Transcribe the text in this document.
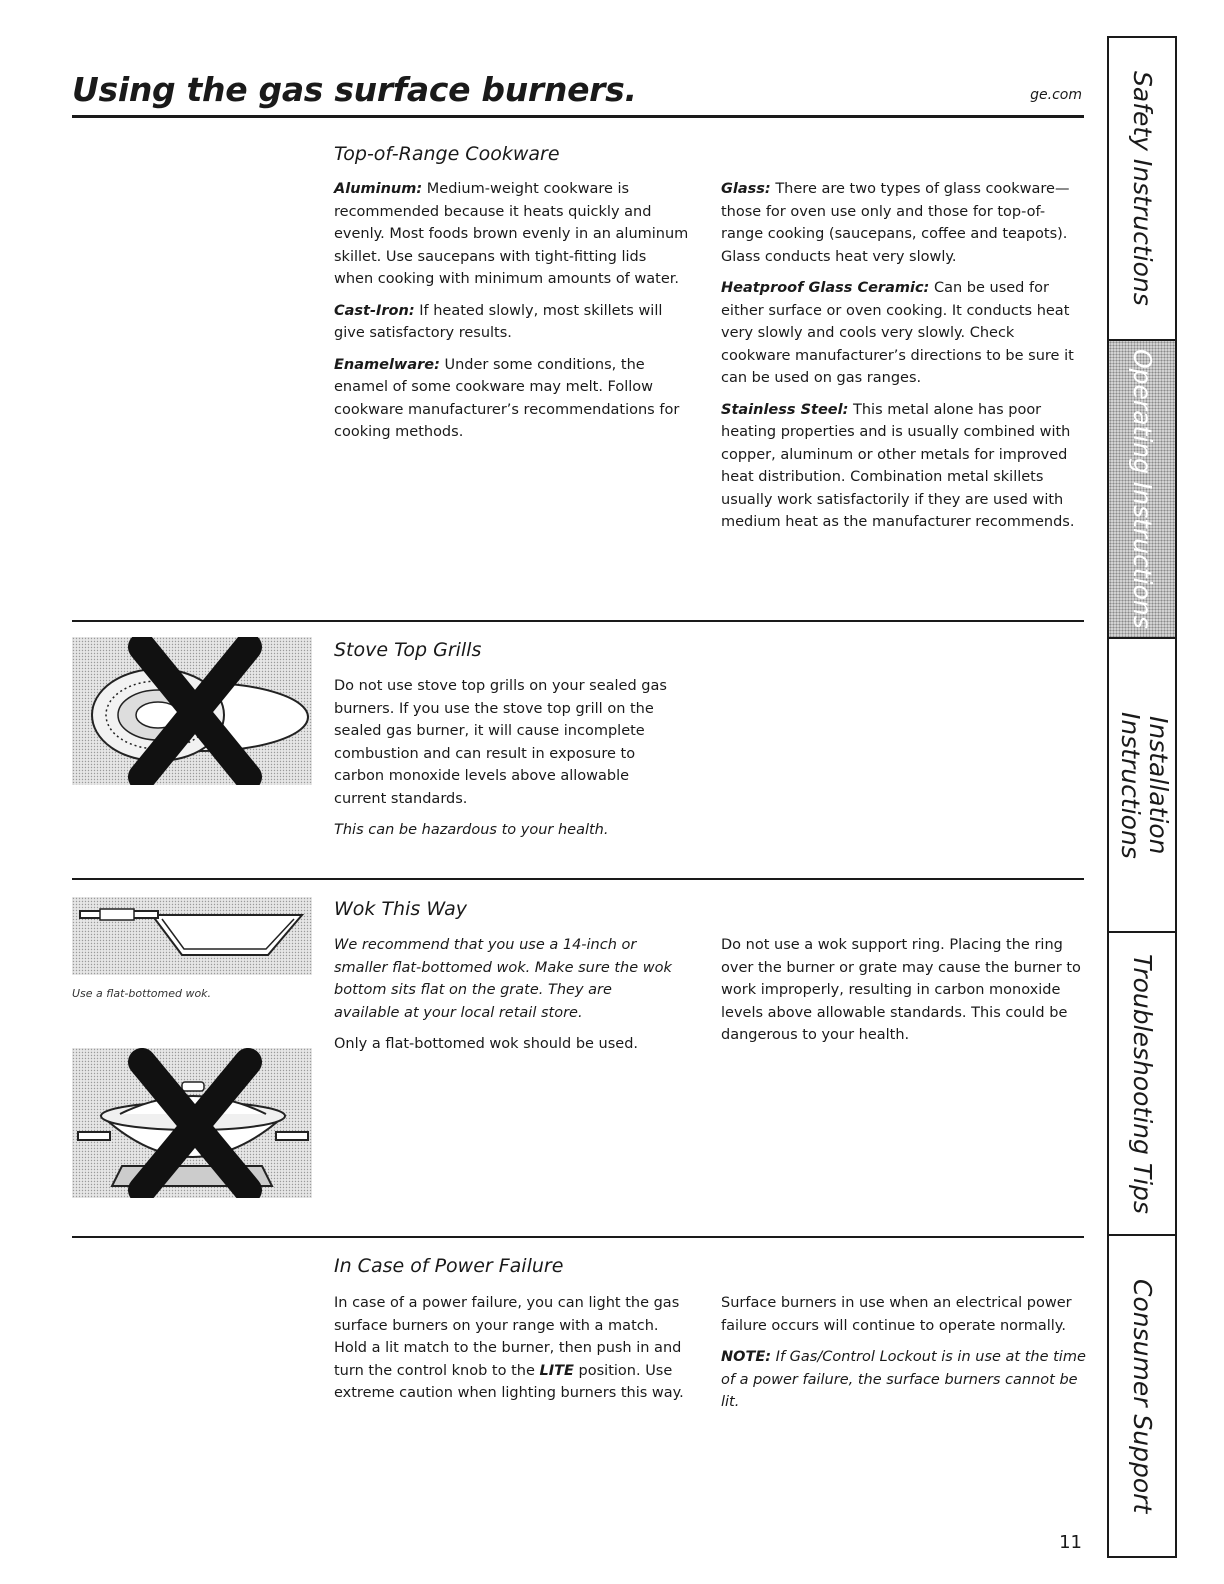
Using the gas surface burners.	ge.com
Top-of-Range Cookware

Aluminum: Medium-weight cookware is recommended because it heats quickly and evenly. Most foods brown evenly in an aluminum skillet. Use saucepans with tight-fitting lids when cooking with minimum amounts of water.

Cast-Iron: If heated slowly, most skillets will give satisfactory results.

Enamelware: Under some conditions, the enamel of some cookware may melt. Follow cookware manufacturer’s recommendations for cooking methods.

Glass: There are two types of glass cookware—those for oven use only and those for top-of-range cooking (saucepans, coffee and teapots). Glass conducts heat very slowly.

Heatproof Glass Ceramic: Can be used for either surface or oven cooking. It conducts heat very slowly and cools very slowly. Check cookware manufacturer’s directions to be sure it can be used on gas ranges.

Stainless Steel: This metal alone has poor heating properties and is usually combined with copper, aluminum or other metals for improved heat distribution. Combination metal skillets usually work satisfactorily if they are used with medium heat as the manufacturer recommends.

Stove Top Grills

Do not use stove top grills on your sealed gas burners. If you use the stove top grill on the sealed gas burner, it will cause incomplete combustion and can result in exposure to carbon monoxide levels above allowable current standards.

This can be hazardous to your health.

Use a flat-bottomed wok.
Wok This Way

We recommend that you use a 14-inch or smaller flat-bottomed wok. Make sure the wok bottom sits flat on the grate. They are available at your local retail store.

Only a flat-bottomed wok should be used.

Do not use a wok support ring. Placing the ring over the burner or grate may cause the burner to work improperly, resulting in carbon monoxide levels above allowable standards. This could be dangerous to your health.

In Case of Power Failure

In case of a power failure, you can light the gas surface burners on your range with a match. Hold a lit match to the burner, then push in and turn the control knob to the LITE position. Use extreme caution when lighting burners this way.

Surface burners in use when an electrical power failure occurs will continue to operate normally.

NOTE: If Gas/Control Lockout is in use at the time of a power failure, the surface burners cannot be lit.

11
Safety Instructions
Operating Instructions
Installation Instructions
Troubleshooting Tips
Consumer Support
